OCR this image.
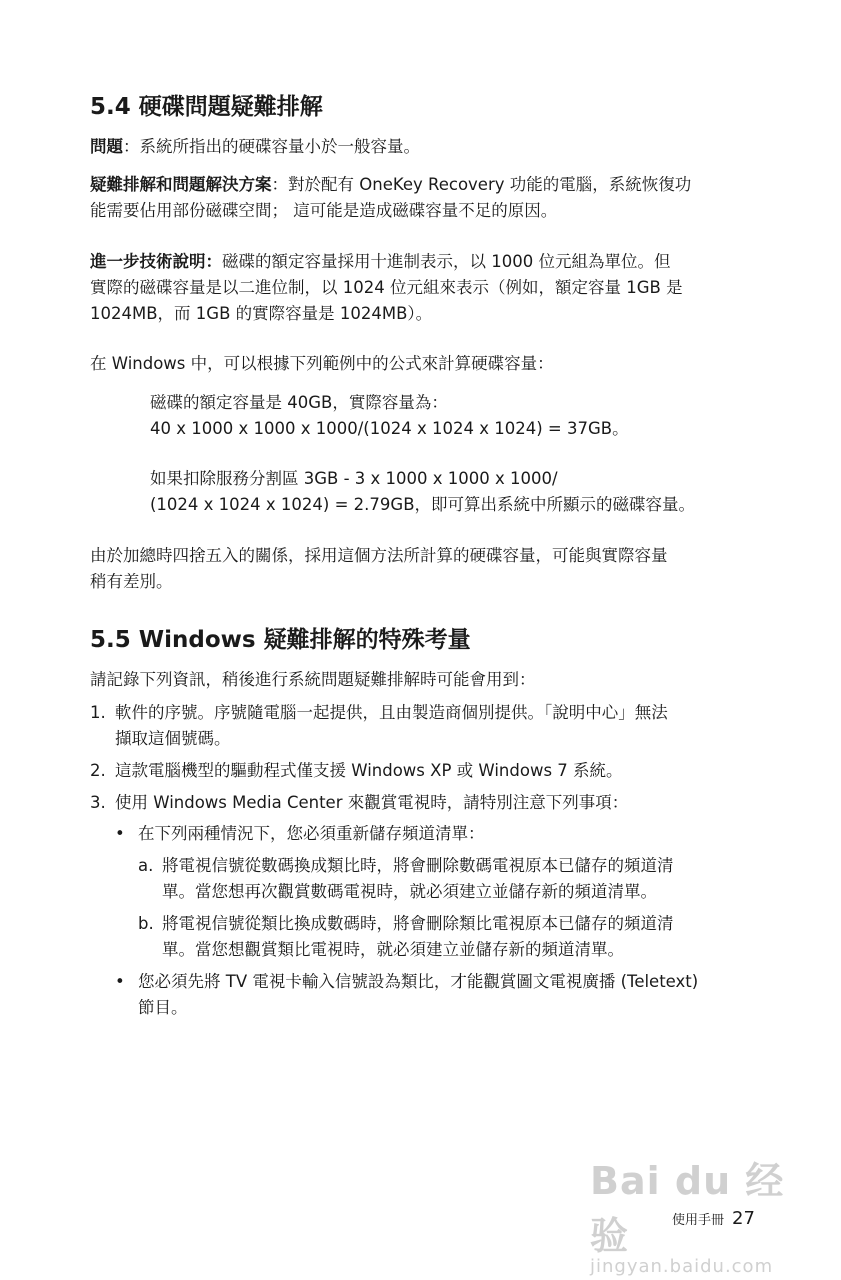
5.4 硬碟問題疑難排解

問題：系統所指出的硬碟容量小於一般容量。

疑難排解和問題解決方案：對於配有 OneKey Recovery 功能的電腦，系統恢復功

能需要佔用部份磁碟空間； 這可能是造成磁碟容量不足的原因。

進一步技術說明：磁碟的額定容量採用十進制表示，以 1000 位元組為單位。但

實際的磁碟容量是以二進位制，以 1024 位元組來表示（例如，額定容量 1GB 是

1024MB，而 1GB 的實際容量是 1024MB）。

在 Windows 中，可以根據下列範例中的公式來計算硬碟容量：

磁碟的額定容量是 40GB，實際容量為：

40 x 1000 x 1000 x 1000/(1024 x 1024 x 1024) = 37GB。

如果扣除服務分割區 3GB - 3 x 1000 x 1000 x 1000/

(1024 x 1024 x 1024) = 2.79GB，即可算出系統中所顯示的磁碟容量。

由於加總時四捨五入的關係，採用這個方法所計算的硬碟容量，可能與實際容量

稍有差別。

5.5 Windows 疑難排解的特殊考量

請記錄下列資訊，稍後進行系統問題疑難排解時可能會用到：

1. 軟件的序號。序號隨電腦一起提供，且由製造商個別提供。「說明中心」無法

擷取這個號碼。

2. 這款電腦機型的驅動程式僅支援 Windows XP 或 Windows 7 系統。

3. 使用 Windows Media Center 來觀賞電視時，請特別注意下列事項：

• 在下列兩種情況下，您必須重新儲存頻道清單：

a. 將電視信號從數碼換成類比時，將會刪除數碼電視原本已儲存的頻道清

單。當您想再次觀賞數碼電視時，就必須建立並儲存新的頻道清單。

b. 將電視信號從類比換成數碼時，將會刪除類比電視原本已儲存的頻道清

單。當您想觀賞類比電視時，就必須建立並儲存新的頻道清單。

• 您必須先將 TV 電視卡輸入信號設為類比，才能觀賞圖文電視廣播 (Teletext)

節目。

Bai du 经验
jingyan.baidu.com
使用手冊 27
